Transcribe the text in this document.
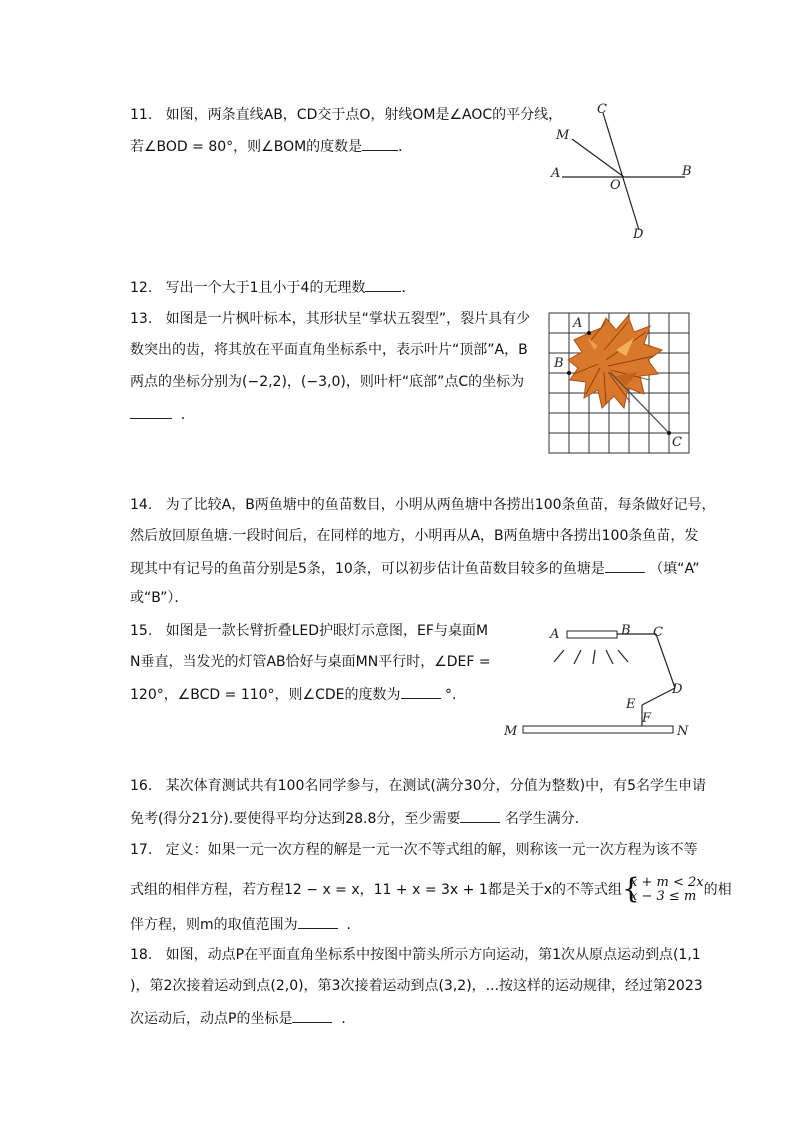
11. 如图，两条直线AB，CD交于点O，射线OM是∠AOC的平分线，
若∠BOD = 80°，则∠BOM的度数是	．
C
M
A
O
B
D
12. 写出一个大于1且小于4的无理数	．
13. 如图是一片枫叶标本，其形状呈“掌状五裂型”，裂片具有少
数突出的齿，将其放在平面直角坐标系中，表示叶片“顶部”A，B
两点的坐标分别为(−2,2)，(−3,0)，则叶杆“底部”点C的坐标为
．
A
B
C
14. 为了比较A，B两鱼塘中的鱼苗数目，小明从两鱼塘中各捞出100条鱼苗，每条做好记号，
然后放回原鱼塘.一段时间后，在同样的地方，小明再从A，B两鱼塘中各捞出100条鱼苗，发
现其中有记号的鱼苗分别是5条，10条，可以初步估计鱼苗数目较多的鱼塘是	（填“A”
或“B”）．
15. 如图是一款长臂折叠LED护眼灯示意图，EF与桌面M
N垂直，当发光的灯管AB恰好与桌面MN平行时，∠DEF =
120°，∠BCD = 110°，则∠CDE的度数为	°.
A	B C
D
E
F
M	N
16. 某次体育测试共有100名同学参与，在测试(满分30分，分值为整数)中，有5名学生申请
免考(得分21分).要使得平均分达到28.8分，至少需要	名学生满分．
17. 定义：如果一元一次方程的解是一元一次不等式组的解，则称该一元一次方程为该不等
式组的相伴方程，若方程12 − x = x，11 + x = 3x + 1都是关于x的不等式组 {
x + m < 2x
x − 3 ≤ m 的相
伴方程，则m的取值范围为	．
18. 如图，动点P在平面直角坐标系中按图中箭头所示方向运动，第1次从原点运动到点(1,1
)，第2次接着运动到点(2,0)，第3次接着运动到点(3,2)，...按这样的运动规律，经过第2023
次运动后，动点P的坐标是	．
